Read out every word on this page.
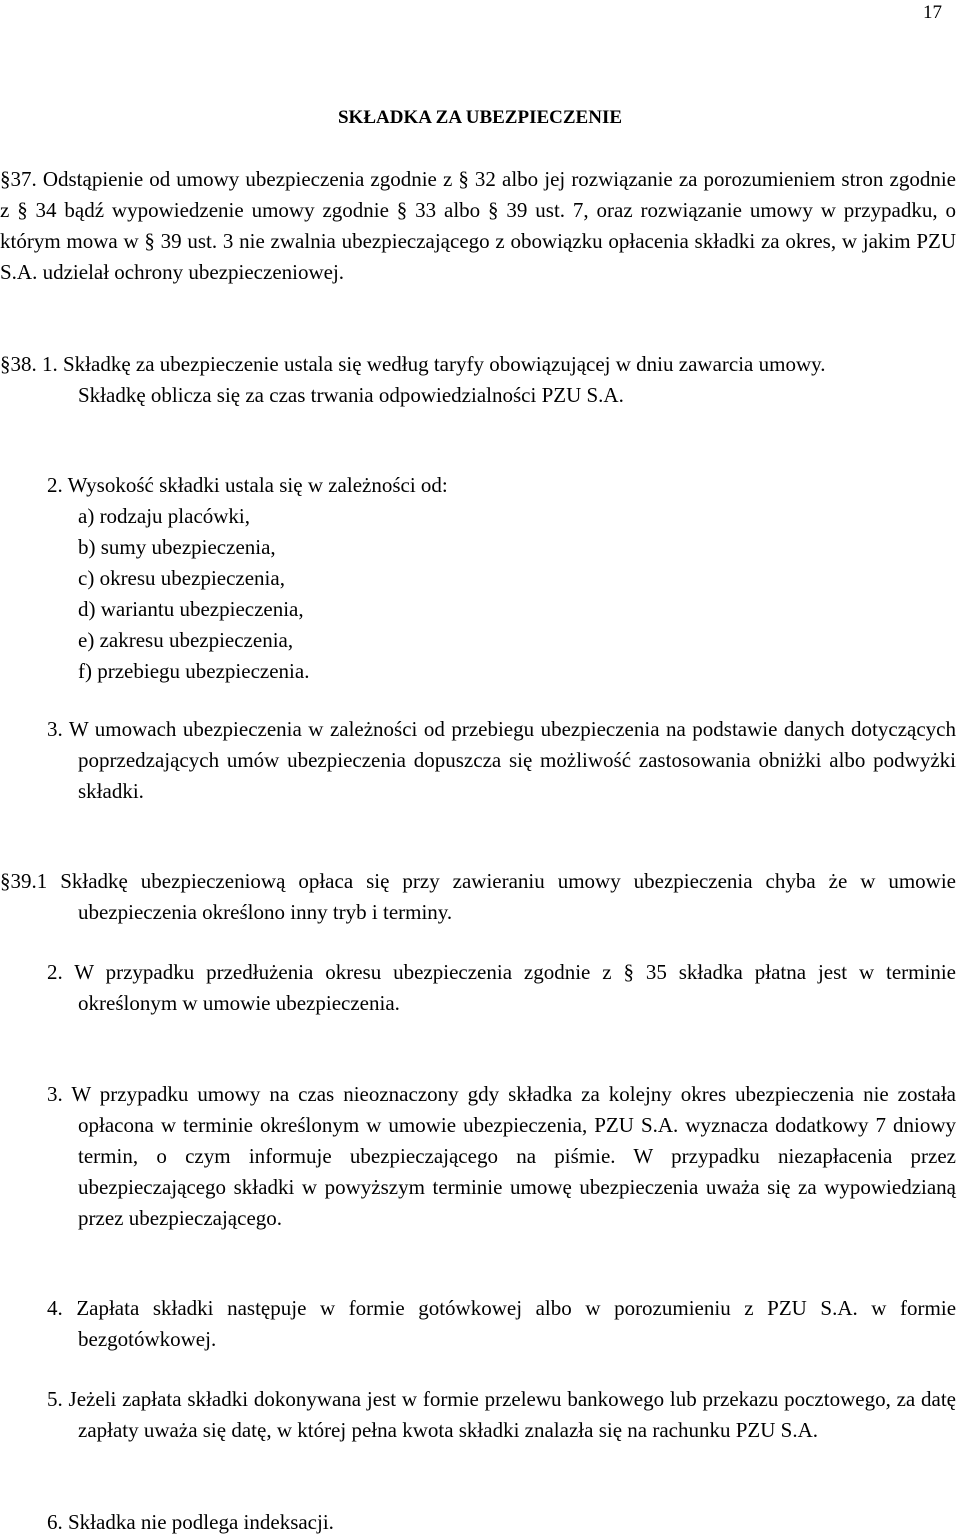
17
SKŁADKA ZA UBEZPIECZENIE
§37. Odstąpienie od umowy ubezpieczenia zgodnie z § 32 albo jej rozwiązanie za porozumieniem stron zgodnie z § 34 bądź wypowiedzenie umowy zgodnie § 33 albo § 39 ust. 7, oraz rozwiązanie umowy w przypadku, o którym mowa w § 39 ust. 3 nie zwalnia ubezpieczającego z obowiązku opłacenia składki za okres, w jakim PZU S.A. udzielał ochrony ubezpieczeniowej.
§38. 1. Składkę za ubezpieczenie ustala się według taryfy obowiązującej w dniu zawarcia umowy.
Składkę oblicza się za czas trwania odpowiedzialności PZU S.A.
2. Wysokość składki ustala się w zależności od:
a) rodzaju placówki,
b) sumy ubezpieczenia,
c) okresu ubezpieczenia,
d) wariantu ubezpieczenia,
e) zakresu ubezpieczenia,
f) przebiegu ubezpieczenia.
3. W umowach ubezpieczenia w zależności od przebiegu ubezpieczenia na podstawie danych dotyczących poprzedzających umów ubezpieczenia dopuszcza się możliwość zastosowania obniżki albo podwyżki składki.
§39.1 Składkę ubezpieczeniową opłaca się przy zawieraniu umowy ubezpieczenia chyba że w umowie ubezpieczenia określono inny tryb i terminy.
2. W przypadku przedłużenia okresu ubezpieczenia zgodnie z § 35 składka płatna jest w terminie określonym w umowie ubezpieczenia.
3. W przypadku umowy na czas nieoznaczony gdy składka za kolejny okres ubezpieczenia nie została opłacona w terminie określonym w umowie ubezpieczenia, PZU S.A. wyznacza dodatkowy 7 dniowy termin, o czym informuje ubezpieczającego na piśmie. W przypadku niezapłacenia przez ubezpieczającego składki w powyższym terminie umowę ubezpieczenia uważa się za wypowiedzianą przez ubezpieczającego.
4. Zapłata składki następuje w formie gotówkowej albo w porozumieniu z PZU S.A. w formie bezgotówkowej.
5. Jeżeli zapłata składki dokonywana jest w formie przelewu bankowego lub przekazu pocztowego, za datę zapłaty uważa się datę, w której pełna kwota składki znalazła się na rachunku PZU S.A.
6. Składka nie podlega indeksacji.
